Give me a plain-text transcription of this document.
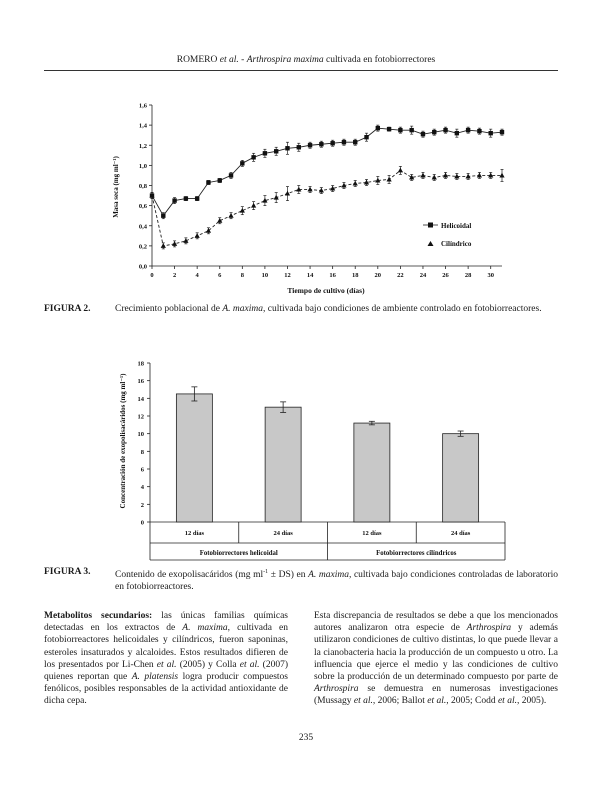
ROMERO et al. - Arthrospira maxima cultivada en fotobiorrectores
0,0
0,2
0,4
0,6
0,8
1,0
1,2
1,4
1,6
0	2	4	6	8	10 12 14 16 18 20 22 24 26 28 30
Helicoidal
Cilíndrico
Tiempo de cultivo (días)
Masa seca (mg ml⁻¹)
FIGURA 2.	Crecimiento poblacional de A. maxima, cultivada bajo condiciones de ambiente controlado en fotobiorreactores.
0
2
4
6
8
10
12
14
16
18
12 días	24 días	12 días	24 días
Fotobiorrectores helicoidal	Fotobiorrectores cilíndricos
Concentración de exopolisacáridos (mg ml⁻¹)
FIGURA 3.	Contenido de exopolisacáridos (mg $ml^{-1} \pm DS$) en A. maxima, cultivada bajo condiciones controladas de laboratorio en fotobiorreactores.
Metabolitos secundarios: las únicas familias químicas detectadas en los extractos de A. maxima, cultivada en fotobiorreactores helicoidales y cilíndricos, fueron saponinas, esteroles insaturados y alcaloides. Estos resultados difieren de los presentados por Li-Chen et al. (2005) y Colla et al. (2007) quienes reportan que A. platensis logra producir compuestos fenólicos, posibles responsables de la actividad antioxidante de dicha cepa.
Esta discrepancia de resultados se debe a que los mencionados autores analizaron otra especie de Arthrospira y además utilizaron condiciones de cultivo distintas, lo que puede llevar a la cianobacteria hacia la producción de un compuesto u otro. La influencia que ejerce el medio y las condiciones de cultivo sobre la producción de un determinado compuesto por parte de Arthrospira se demuestra en numerosas investigaciones (Mussagy et al., 2006; Ballot et al., 2005; Codd et al., 2005).
235
